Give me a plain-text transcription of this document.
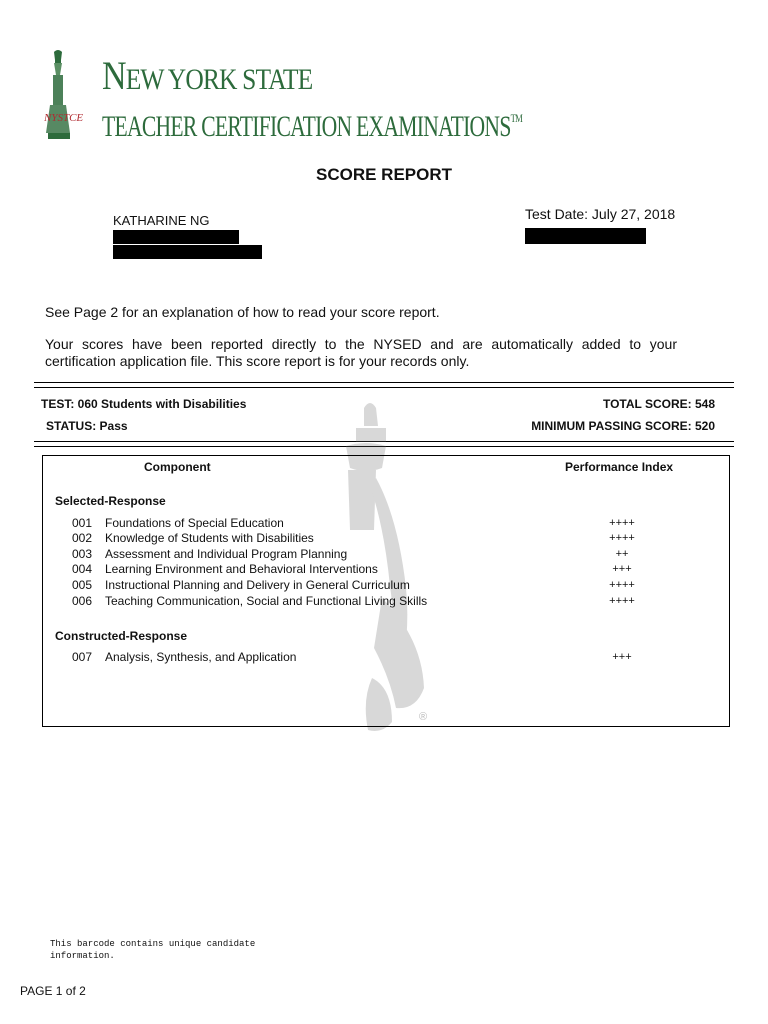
NYSTCE
NEW YORK STATE
TEACHER CERTIFICATION EXAMINATIONS™
SCORE REPORT
KATHARINE NG	Test Date: July 27, 2018
See Page 2 for an explanation of how to read your score report.
Your scores have been reported directly to the NYSED and are automatically added to your certification application file. This score report is for your records only.
TEST: 060 Students with Disabilities	TOTAL SCORE: 548
STATUS: Pass	MINIMUM PASSING SCORE: 520
®
Component	Performance Index
Selected-Response
001 Foundations of Special Education	++++
002 Knowledge of Students with Disabilities	++++
003 Assessment and Individual Program Planning	++
004 Learning Environment and Behavioral Interventions	+++
005 Instructional Planning and Delivery in General Curriculum	++++
006 Teaching Communication, Social and Functional Living Skills	++++
Constructed-Response
007 Analysis, Synthesis, and Application	+++
This barcode contains unique candidate information.
PAGE 1 of 2
